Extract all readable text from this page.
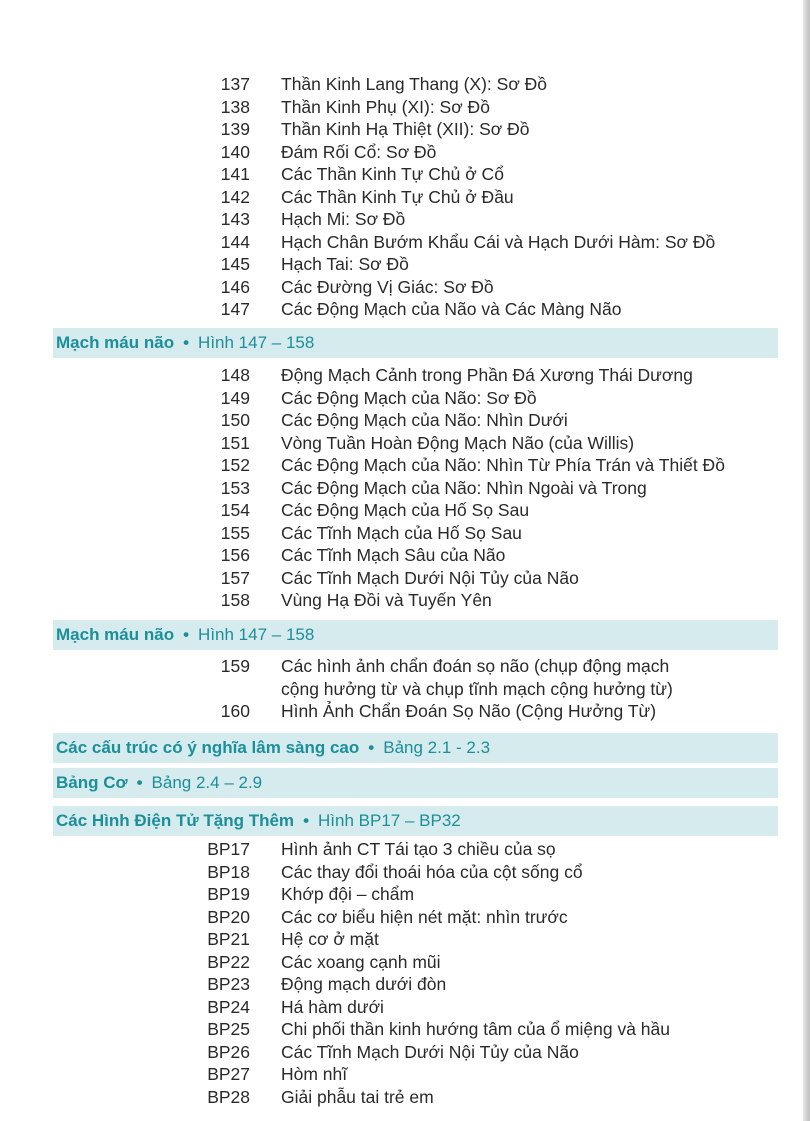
137 Thần Kinh Lang Thang (X): Sơ Đồ
138 Thần Kinh Phụ (XI): Sơ Đồ
139 Thần Kinh Hạ Thiệt (XII): Sơ Đồ
140 Đám Rối Cổ: Sơ Đồ
141 Các Thần Kinh Tự Chủ ở Cổ
142 Các Thần Kinh Tự Chủ ở Đầu
143 Hạch Mi: Sơ Đồ
144 Hạch Chân Bướm Khẩu Cái và Hạch Dưới Hàm: Sơ Đồ
145 Hạch Tai: Sơ Đồ
146 Các Đường Vị Giác: Sơ Đồ
147 Các Động Mạch của Não và Các Màng Não
Mạch máu não • Hình 147 – 158
148 Động Mạch Cảnh trong Phần Đá Xương Thái Dương
149 Các Động Mạch của Não: Sơ Đồ
150 Các Động Mạch của Não: Nhìn Dưới
151 Vòng Tuần Hoàn Động Mạch Não (của Willis)
152 Các Động Mạch của Não: Nhìn Từ Phía Trán và Thiết Đồ
153 Các Động Mạch của Não: Nhìn Ngoài và Trong
154 Các Động Mạch của Hố Sọ Sau
155 Các Tĩnh Mạch của Hố Sọ Sau
156 Các Tĩnh Mạch Sâu của Não
157 Các Tĩnh Mạch Dưới Nội Tủy của Não
158 Vùng Hạ Đồi và Tuyến Yên
Mạch máu não • Hình 147 – 158
159 Các hình ảnh chẩn đoán sọ não (chụp động mạch
cộng hưởng từ và chụp tĩnh mạch cộng hưởng từ)
160 Hình Ảnh Chẩn Đoán Sọ Não (Cộng Hưởng Từ)
Các cấu trúc có ý nghĩa lâm sàng cao • Bảng 2.1 - 2.3
Bảng Cơ • Bảng 2.4 – 2.9
Các Hình Điện Tử Tặng Thêm • Hình BP17 – BP32
BP17 Hình ảnh CT Tái tạo 3 chiều của sọ
BP18 Các thay đổi thoái hóa của cột sống cổ
BP19 Khớp đội – chẩm
BP20 Các cơ biểu hiện nét mặt: nhìn trước
BP21 Hệ cơ ở mặt
BP22 Các xoang cạnh mũi
BP23 Động mạch dưới đòn
BP24 Há hàm dưới
BP25 Chi phối thần kinh hướng tâm của ổ miệng và hầu
BP26 Các Tĩnh Mạch Dưới Nội Tủy của Não
BP27 Hòm nhĩ
BP28 Giải phẫu tai trẻ em
